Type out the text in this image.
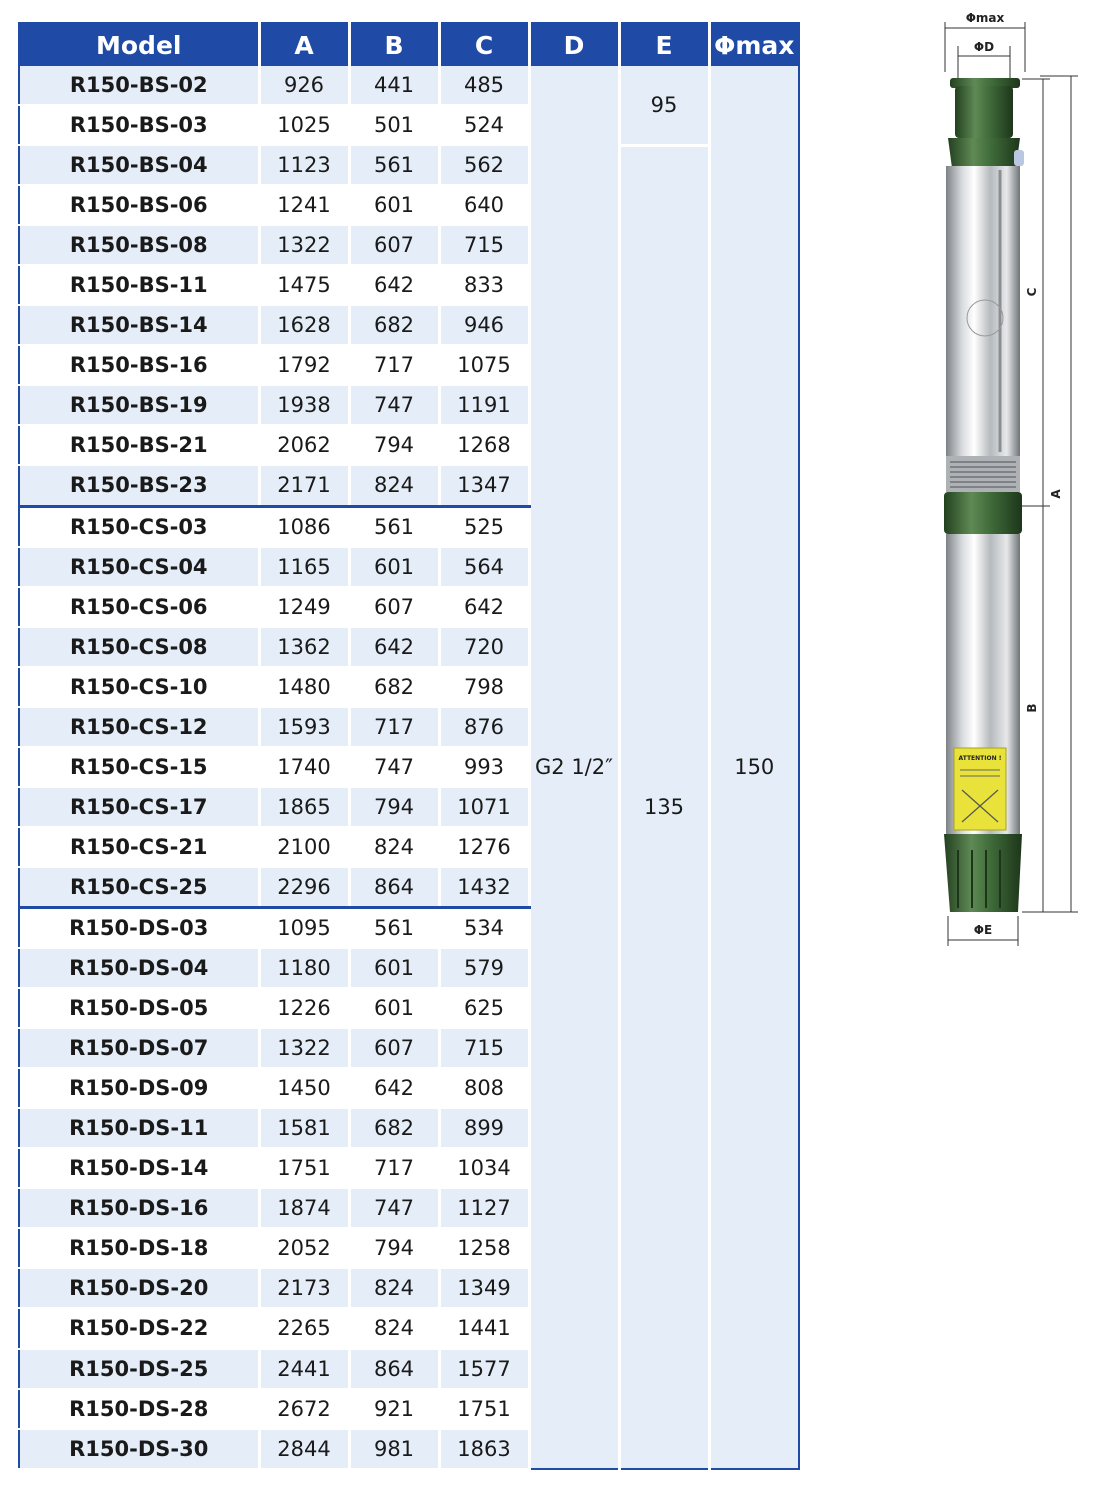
Model	A	B	C	D	E	Φmax
R150-BS-02	926	441	485	G2 1/2″	95	150
R150-BS-03	1025	501	524			
R150-BS-04	1123	561	562		135	
R150-BS-06	1241	601	640			
R150-BS-08	1322	607	715			
R150-BS-11	1475	642	833			
R150-BS-14	1628	682	946			
R150-BS-16	1792	717	1075			
R150-BS-19	1938	747	1191			
R150-BS-21	2062	794	1268			
R150-BS-23	2171	824	1347			
R150-CS-03	1086	561	525			
R150-CS-04	1165	601	564			
R150-CS-06	1249	607	642			
R150-CS-08	1362	642	720			
R150-CS-10	1480	682	798			
R150-CS-12	1593	717	876			
R150-CS-15	1740	747	993			
R150-CS-17	1865	794	1071			
R150-CS-21	2100	824	1276			
R150-CS-25	2296	864	1432			
R150-DS-03	1095	561	534			
R150-DS-04	1180	601	579			
R150-DS-05	1226	601	625			
R150-DS-07	1322	607	715			
R150-DS-09	1450	642	808			
R150-DS-11	1581	682	899			
R150-DS-14	1751	717	1034			
R150-DS-16	1874	747	1127			
R150-DS-18	2052	794	1258			
R150-DS-20	2173	824	1349			
R150-DS-22	2265	824	1441			
R150-DS-25	2441	864	1577			
R150-DS-28	2672	921	1751			
R150-DS-30	2844	981	1863			
Φmax
ΦD
ATTENTION !
C
A
B
ΦE
